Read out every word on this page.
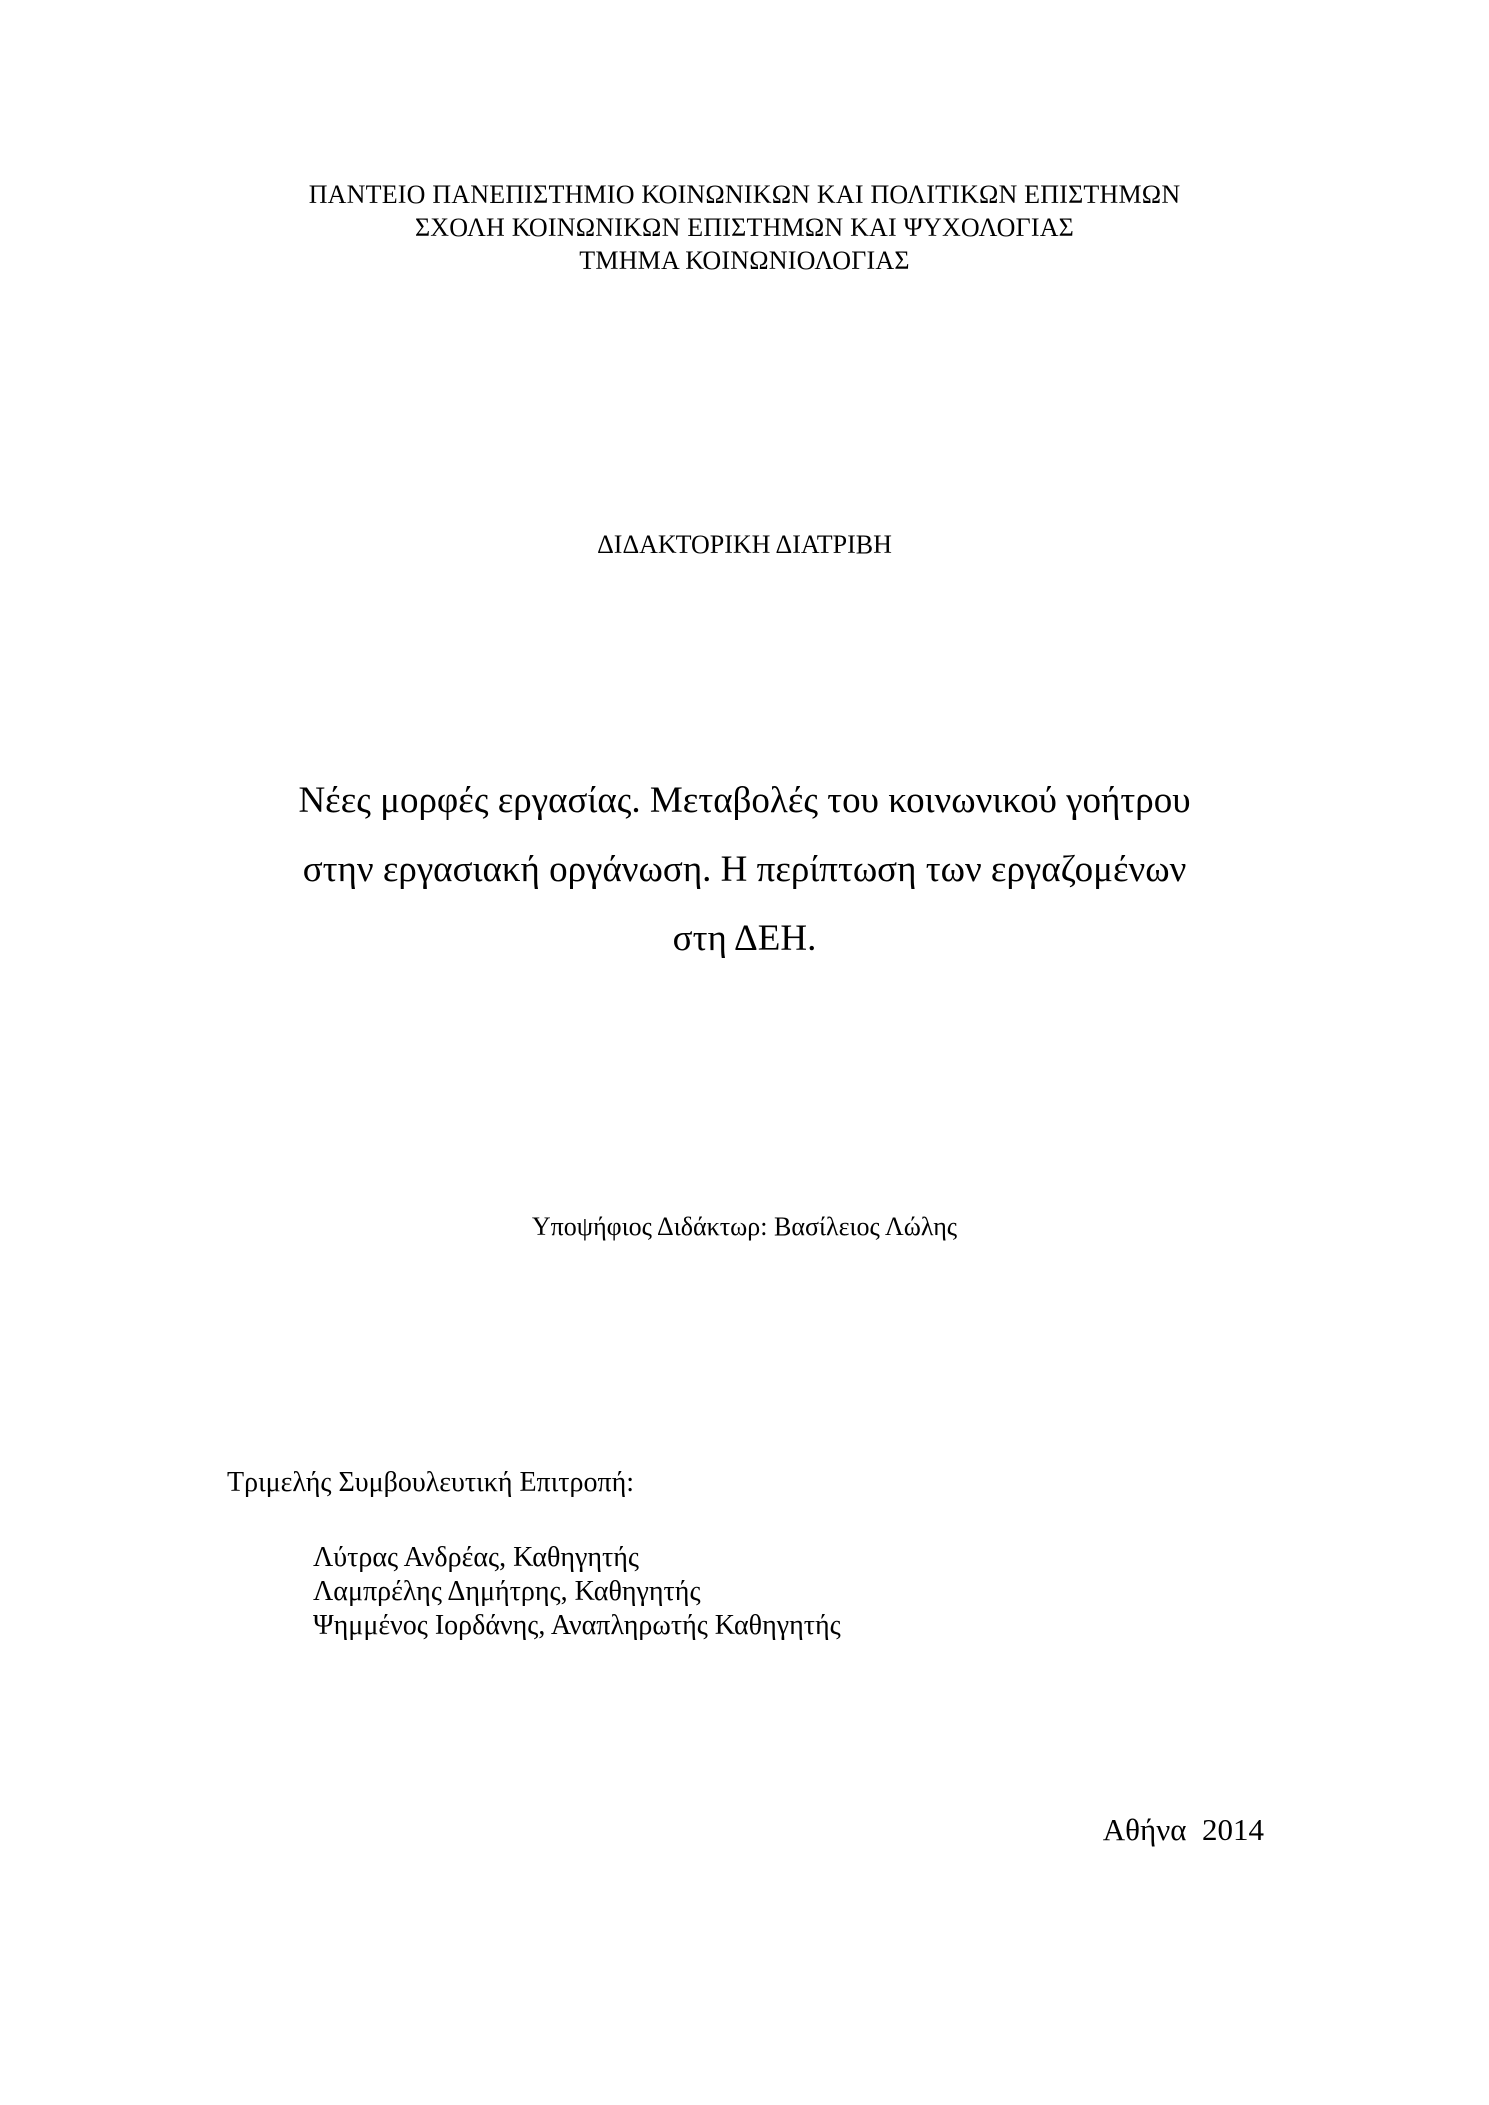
ΠΑΝΤΕΙΟ ΠΑΝΕΠΙΣΤΗΜΙΟ ΚΟΙΝΩΝΙΚΩΝ ΚΑΙ ΠΟΛΙΤΙΚΩΝ ΕΠΙΣΤΗΜΩΝ
ΣΧΟΛΗ ΚΟΙΝΩΝΙΚΩΝ ΕΠΙΣΤΗΜΩΝ ΚΑΙ ΨΥΧΟΛΟΓΙΑΣ
ΤΜΗΜΑ ΚΟΙΝΩΝΙΟΛΟΓΙΑΣ
ΔΙΔΑΚΤΟΡΙΚΗ ΔΙΑΤΡΙΒΗ
Νέες μορφές εργασίας. Μεταβολές του κοινωνικού γοήτρου
στην εργασιακή οργάνωση. Η περίπτωση των εργαζομένων
στη ΔΕΗ.
Υποψήφιος Διδάκτωρ: Βασίλειος Λώλης
Τριμελής Συμβουλευτική Επιτροπή:
Λύτρας Ανδρέας, Καθηγητής
Λαμπρέλης Δημήτρης, Καθηγητής
Ψημμένος Ιορδάνης, Αναπληρωτής Καθηγητής
Αθήνα  2014
